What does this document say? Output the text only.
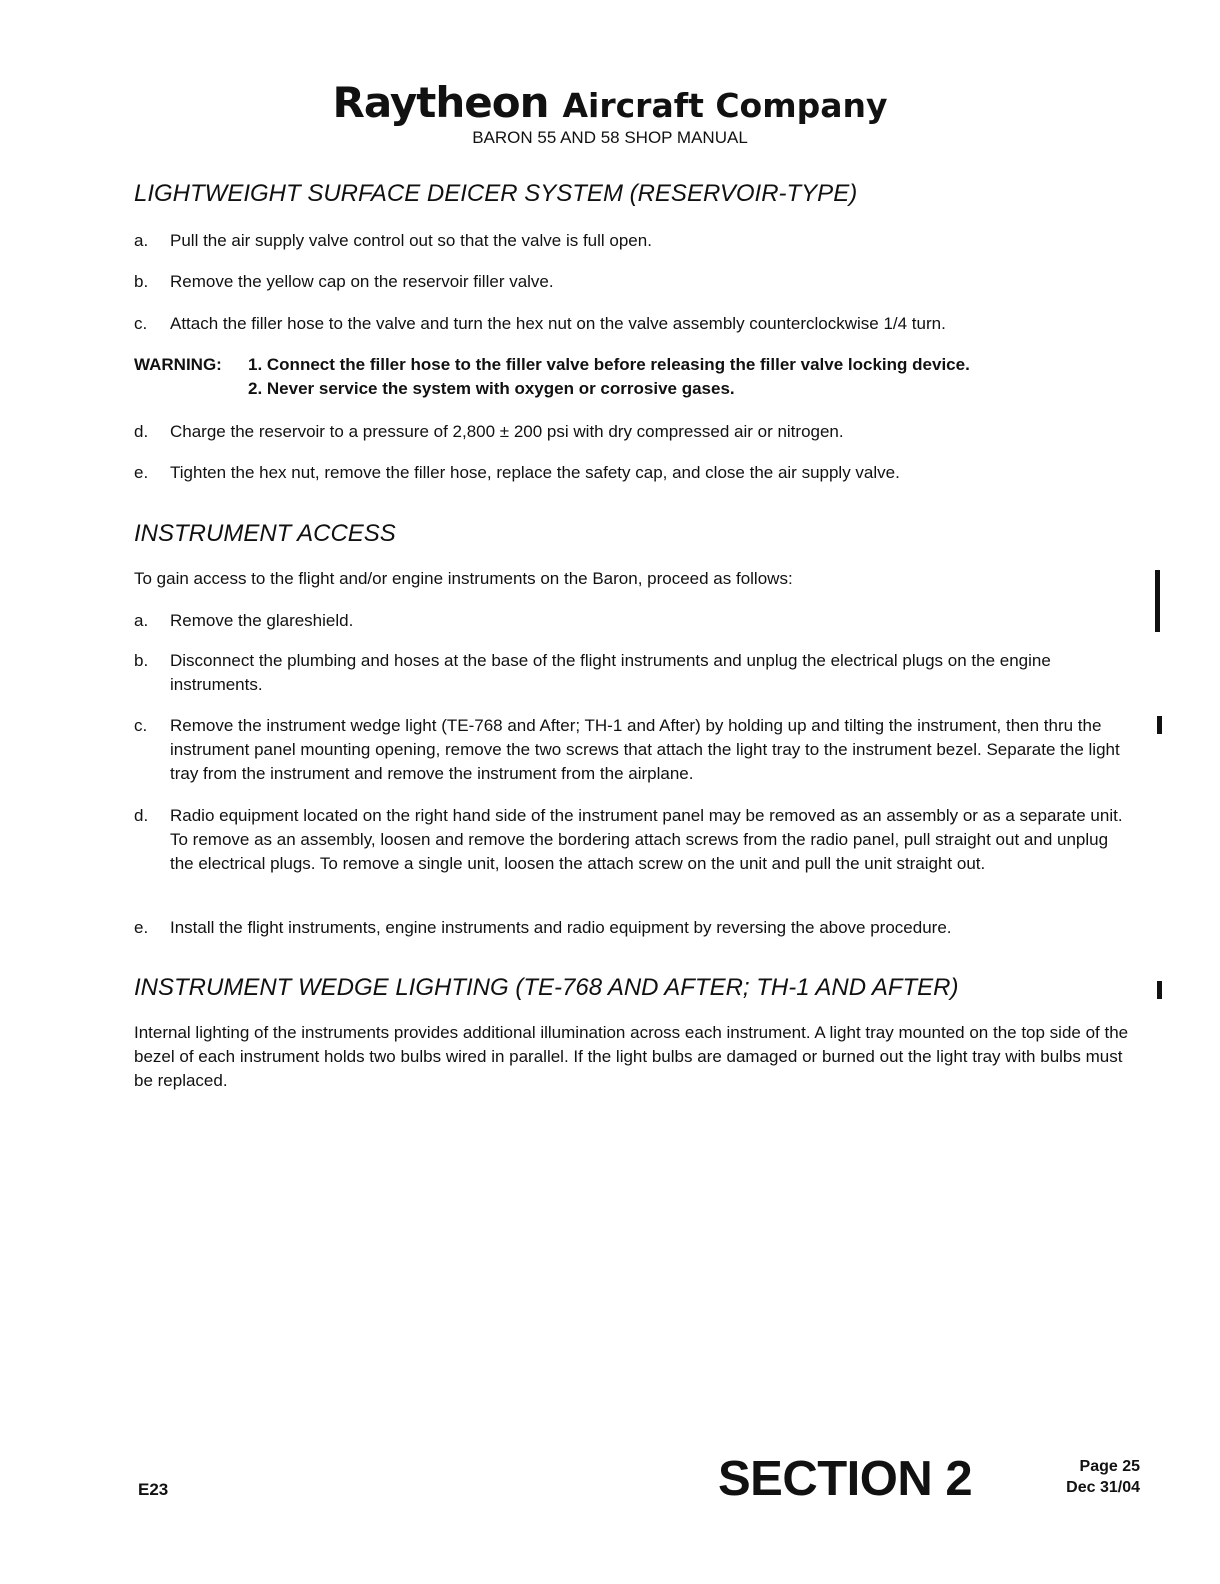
Raytheon Aircraft Company
BARON 55 AND 58 SHOP MANUAL
LIGHTWEIGHT SURFACE DEICER SYSTEM (RESERVOIR-TYPE)
a.	Pull the air supply valve control out so that the valve is full open.
b.	Remove the yellow cap on the reservoir filler valve.
c.	Attach the filler hose to the valve and turn the hex nut on the valve assembly counterclockwise 1/4 turn.
WARNING:	1. Connect the filler hose to the filler valve before releasing the filler valve locking device.
2. Never service the system with oxygen or corrosive gases.
d.	Charge the reservoir to a pressure of 2,800 ± 200 psi with dry compressed air or nitrogen.
e.	Tighten the hex nut, remove the filler hose, replace the safety cap, and close the air supply valve.
INSTRUMENT ACCESS
To gain access to the flight and/or engine instruments on the Baron, proceed as follows:
a.	Remove the glareshield.
b.	Disconnect the plumbing and hoses at the base of the flight instruments and unplug the electrical plugs on the engine instruments.
c.	Remove the instrument wedge light (TE-768 and After; TH-1 and After) by holding up and tilting the instrument, then thru the instrument panel mounting opening, remove the two screws that attach the light tray to the instrument bezel. Separate the light tray from the instrument and remove the instrument from the airplane.
d.	Radio equipment located on the right hand side of the instrument panel may be removed as an assembly or as a separate unit. To remove as an assembly, loosen and remove the bordering attach screws from the radio panel, pull straight out and unplug the electrical plugs. To remove a single unit, loosen the attach screw on the unit and pull the unit straight out.
e.	Install the flight instruments, engine instruments and radio equipment by reversing the above procedure.
INSTRUMENT WEDGE LIGHTING (TE-768 AND AFTER; TH-1 AND AFTER)
Internal lighting of the instruments provides additional illumination across each instrument. A light tray mounted on the top side of the bezel of each instrument holds two bulbs wired in parallel. If the light bulbs are damaged or burned out the light tray with bulbs must be replaced.
E23	SECTION 2	Page 25
Dec 31/04
